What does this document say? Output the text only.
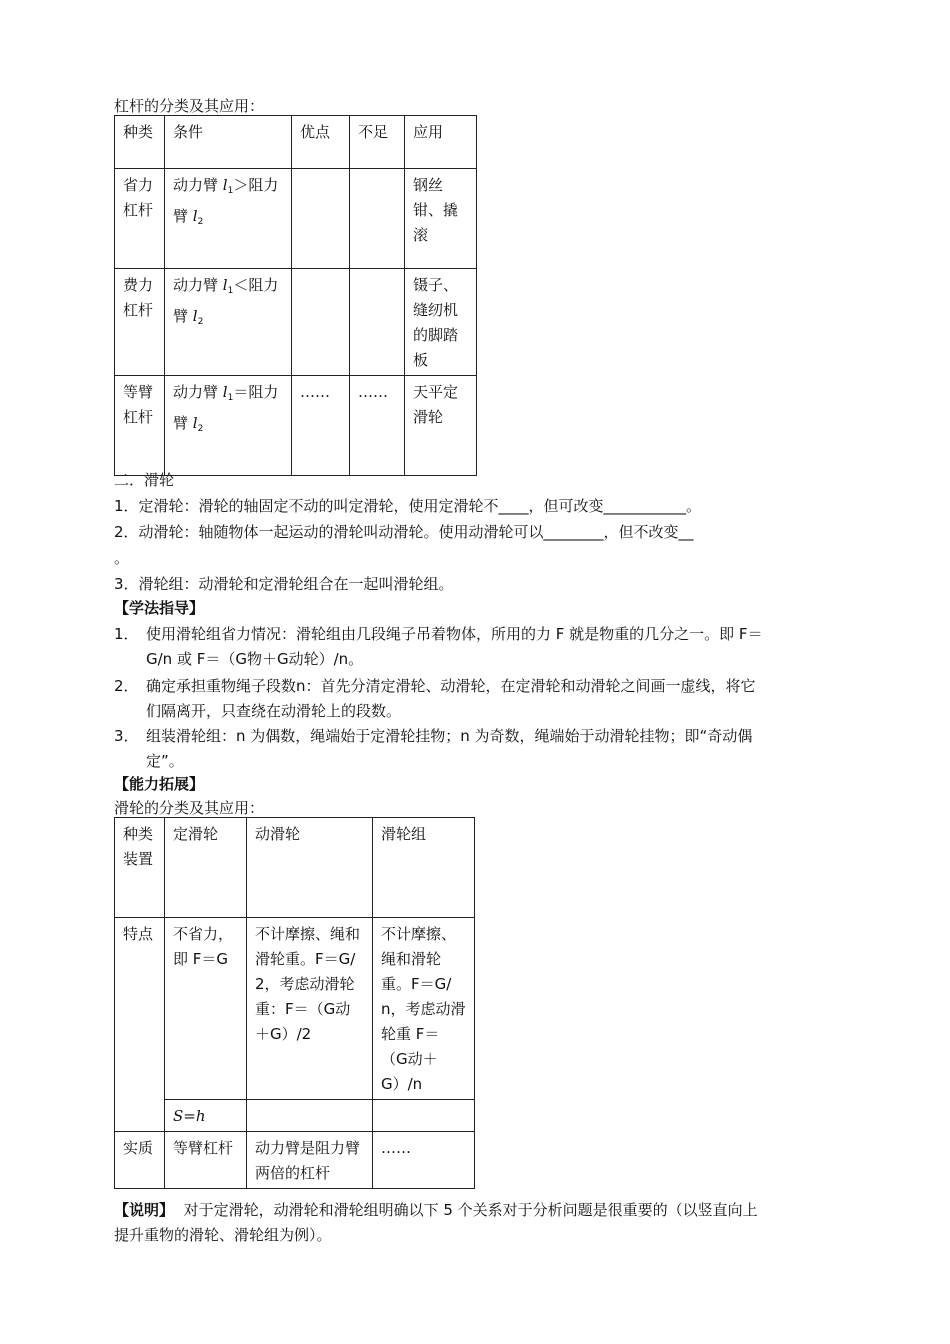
杠杆的分类及其应用：
种类	条件	优点	不足	应用
省力杠杆	动力臂 $l_1>$阻力臂 $l_2$			钢丝钳、撬滚
费力杠杆	动力臂 $l_1<$阻力臂 $l_2$			镊子、缝纫机的脚踏板
等臂杠杆	动力臂 $l_1=$阻力臂 $l_2$	……	……	天平定滑轮
二．滑轮
1．定滑轮：滑轮的轴固定不动的叫定滑轮，使用定滑轮不____，但可改变___________。
2．动滑轮：轴随物体一起运动的滑轮叫动滑轮。使用动滑轮可以________，但不改变__
。
3．滑轮组：动滑轮和定滑轮组合在一起叫滑轮组。
【学法指导】
1． 使用滑轮组省力情况：滑轮组由几段绳子吊着物体，所用的力 F 就是物重的几分之一。即 F＝
G/n 或 F＝（G物＋G动轮）/n。
2． 确定承担重物绳子段数n：首先分清定滑轮、动滑轮，在定滑轮和动滑轮之间画一虚线，将它
们隔离开，只查绕在动滑轮上的段数。
3． 组装滑轮组：n 为偶数，绳端始于定滑轮挂物；n 为奇数，绳端始于动滑轮挂物；即“奇动偶
定”。
【能力拓展】
滑轮的分类及其应用：
种类装置	定滑轮	动滑轮	滑轮组
特点	不省力，即 F＝G	不计摩擦、绳和滑轮重。F＝G/2，考虑动滑轮重：F＝（G动＋G）/2	不计摩擦、绳和滑轮重。F＝G/n，考虑动滑轮重 F＝（G动＋G）/n
	S=h		
实质	等臂杠杆	动力臂是阻力臂两倍的杠杆	……
【说明】 对于定滑轮，动滑轮和滑轮组明确以下 5 个关系对于分析问题是很重要的（以竖直向上
提升重物的滑轮、滑轮组为例）。
